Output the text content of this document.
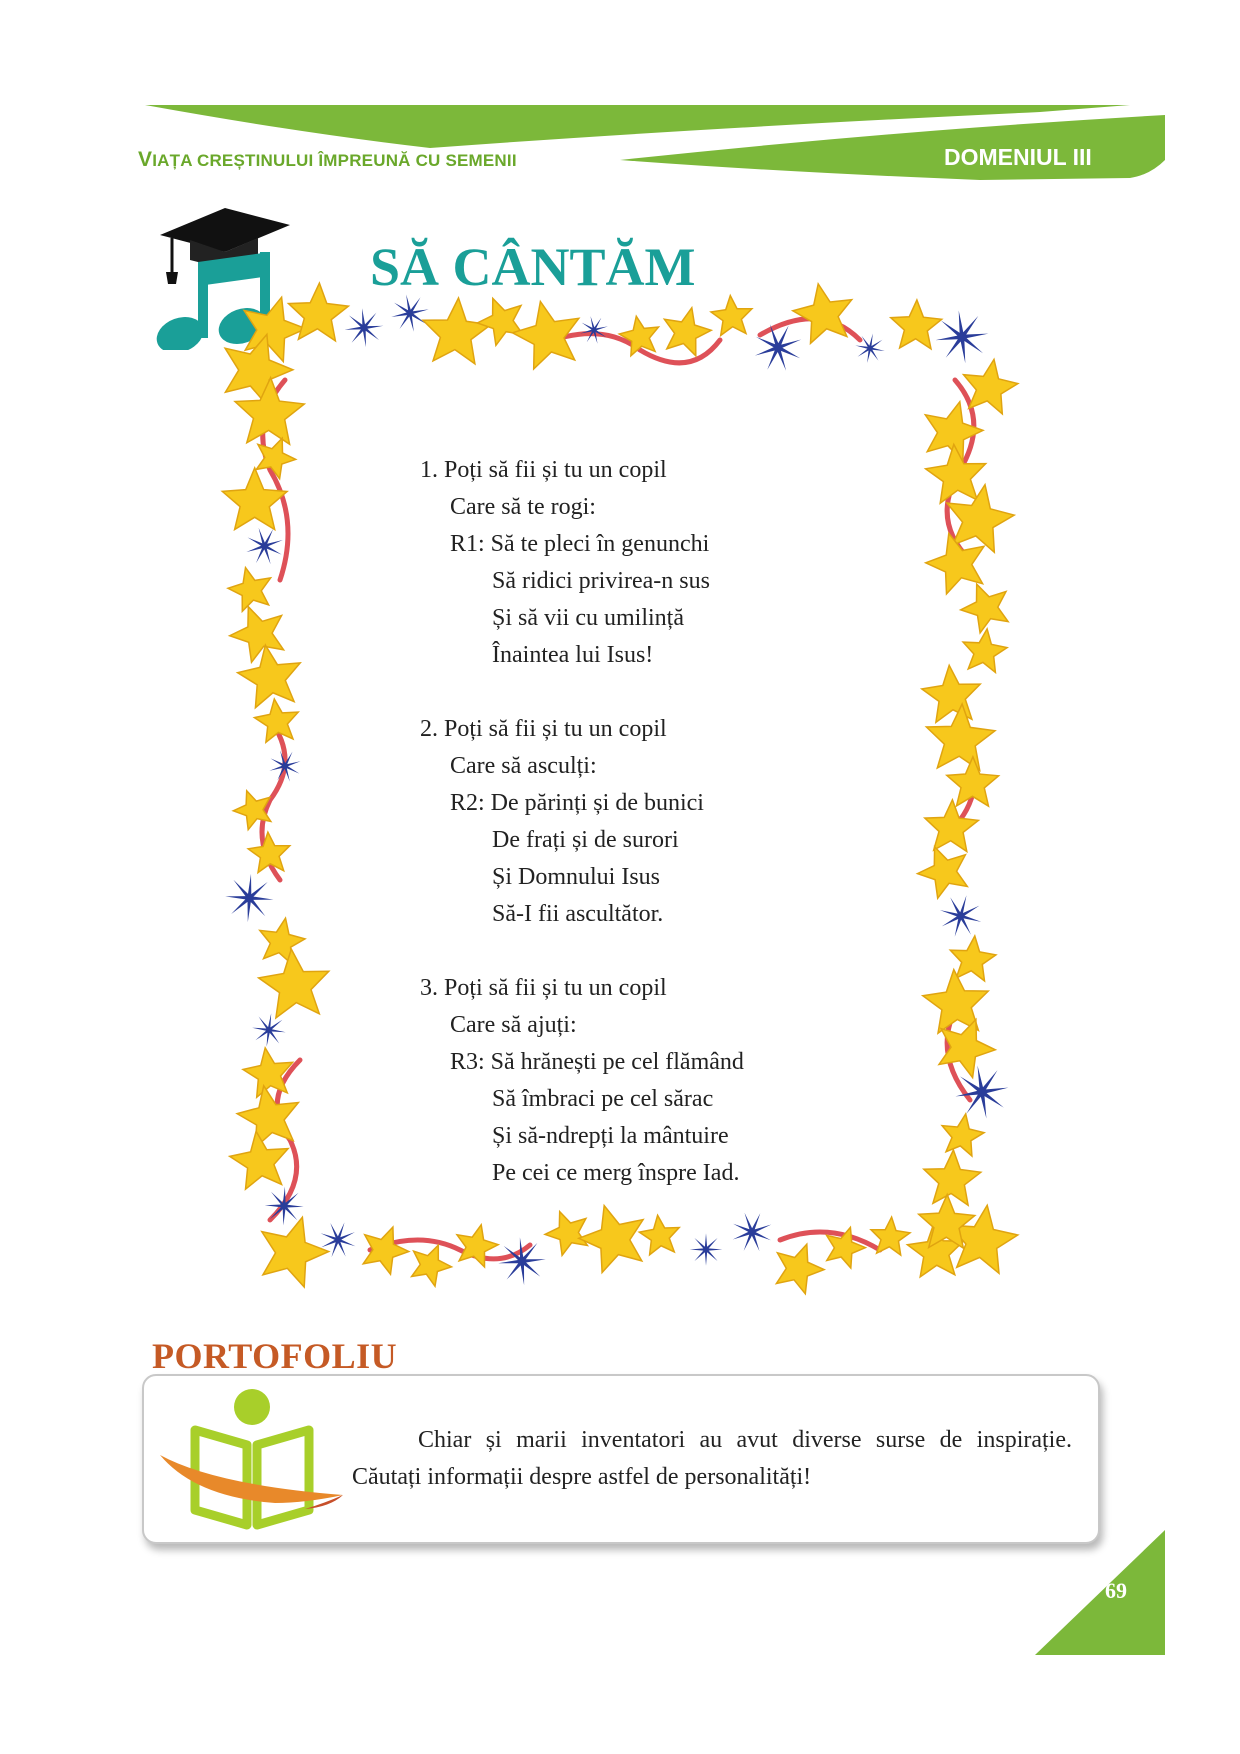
VIAȚA CREȘTINULUI ÎMPREUNĂ CU SEMENII	DOMENIUL III
SĂ CÂNTĂM
1. Poți să fii și tu un copil
Care să te rogi:
R1: Să te pleci în genunchi
Să ridici privirea-n sus
Și să vii cu umilință
Înaintea lui Isus!
2. Poți să fii și tu un copil
Care să asculți:
R2: De părinți și de bunici
De frați și de surori
Și Domnului Isus
Să-I fii ascultător.
3. Poți să fii și tu un copil
Care să ajuți:
R3: Să hrănești pe cel flămând
Să îmbraci pe cel sărac
Și să-ndrepți la mântuire
Pe cei ce merg înspre Iad.
PORTOFOLIU
Chiar și marii inventatori au avut diverse surse de inspirație.
Căutați informații despre astfel de personalități!
69
